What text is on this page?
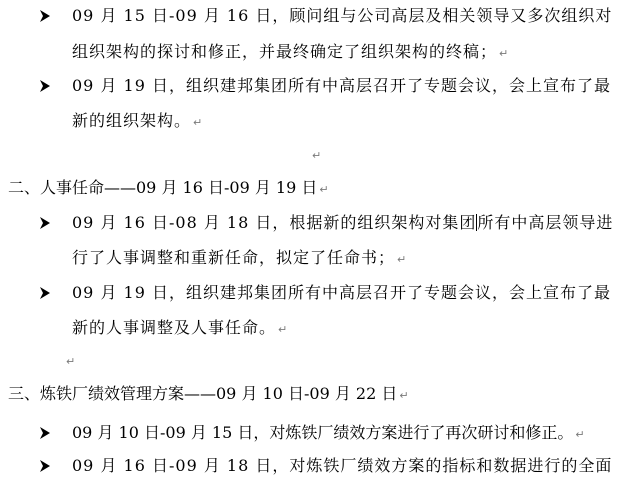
09 月 15 日-09 月 16 日，顾问组与公司高层及相关领导又多次组织对
组织架构的探讨和修正，并最终确定了组织架构的终稿； ↵
09 月 19 日，组织建邦集团所有中高层召开了专题会议，会上宣布了最
新的组织架构。 ↵
↵
二、人事任命——09 月 16 日-09 月 19 日 ↵
09 月 16 日-08 月 18 日，根据新的组织架构对集团所有中高层领导进
行了人事调整和重新任命，拟定了任命书； ↵
09 月 19 日，组织建邦集团所有中高层召开了专题会议，会上宣布了最
新的人事调整及人事任命。 ↵
↵
三、炼铁厂绩效管理方案——09 月 10 日-09 月 22 日 ↵
09 月 10 日-09 月 15 日，对炼铁厂绩效方案进行了再次研讨和修正。 ↵
09 月 16 日-09 月 18 日，对炼铁厂绩效方案的指标和数据进行的全面
